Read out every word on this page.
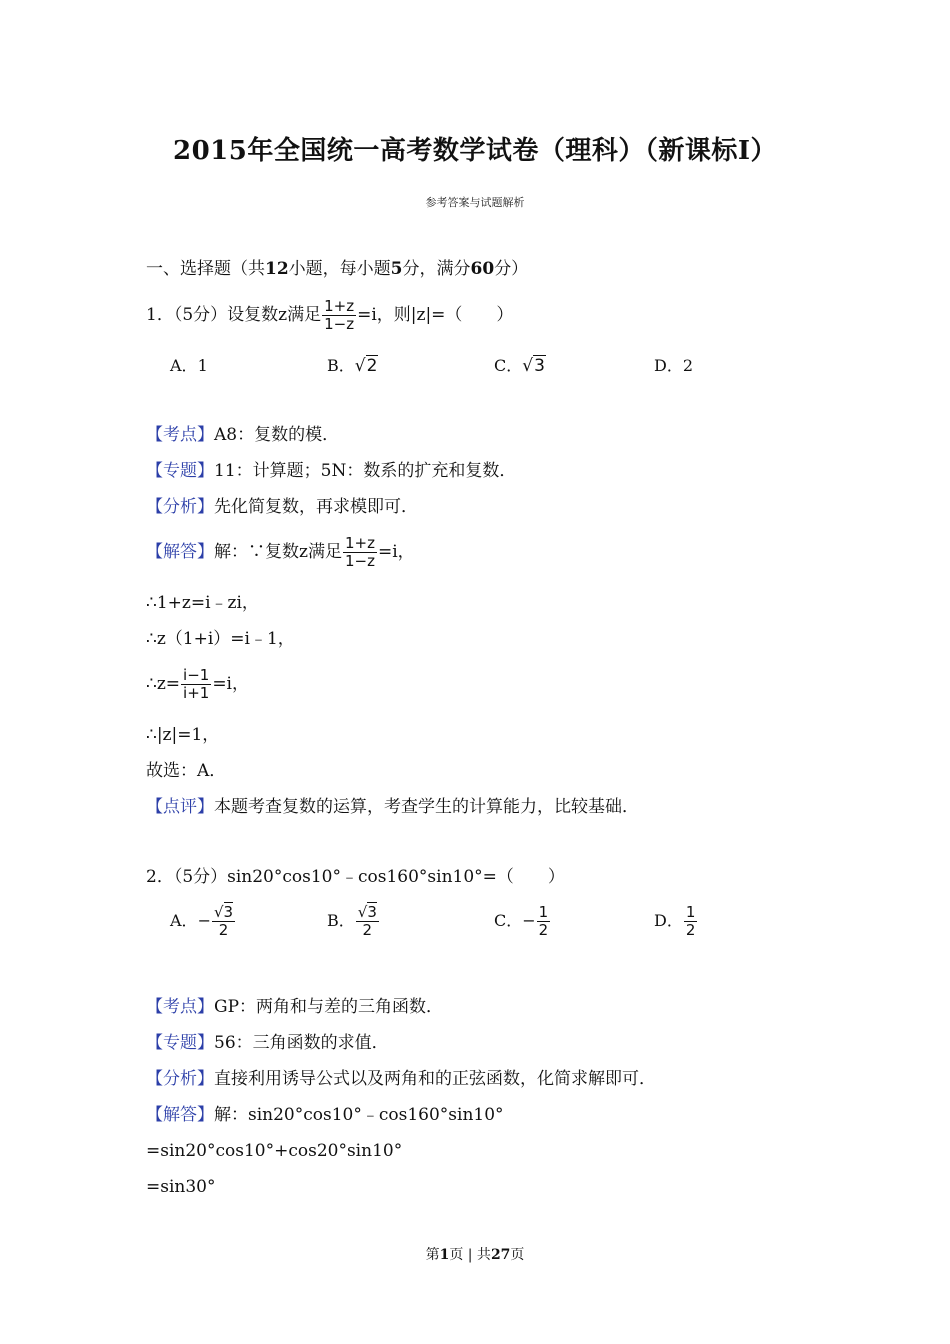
2015年全国统一高考数学试卷（理科）（新课标Ⅰ）
参考答案与试题解析
一、选择题（共12小题，每小题5分，满分60分）
1．（5分）设复数z满足 $\frac{1+z}{1-z} =i$，则|z|=（　　）
A．1	B．√2	C．√3	D．2
【考点】A8：复数的模．
【专题】11：计算题；5N：数系的扩充和复数．
【分析】先化简复数，再求模即可．
【解答】解：∵复数z满足 $\frac{1+z}{1-z} =i$，
∴1+z=i﹣zi，
∴z（1+i）=i﹣1，
∴z= $\frac{i-1}{i+1} =i$，
∴|z|=1，
故选：A．
【点评】本题考查复数的运算，考查学生的计算能力，比较基础．
2．（5分）sin20°cos10°﹣cos160°sin10°=（　　）
A．− $\frac{√3}{2}$	B． $\frac{√3}{2}$	C．− $\frac{1}{2}$	D． $\frac{1}{2}$
【考点】GP：两角和与差的三角函数．
【专题】56：三角函数的求值．
【分析】直接利用诱导公式以及两角和的正弦函数，化简求解即可．
【解答】解：sin20°cos10°﹣cos160°sin10°
=sin20°cos10°+cos20°sin10°
=sin30°
第1页 | 共27页
